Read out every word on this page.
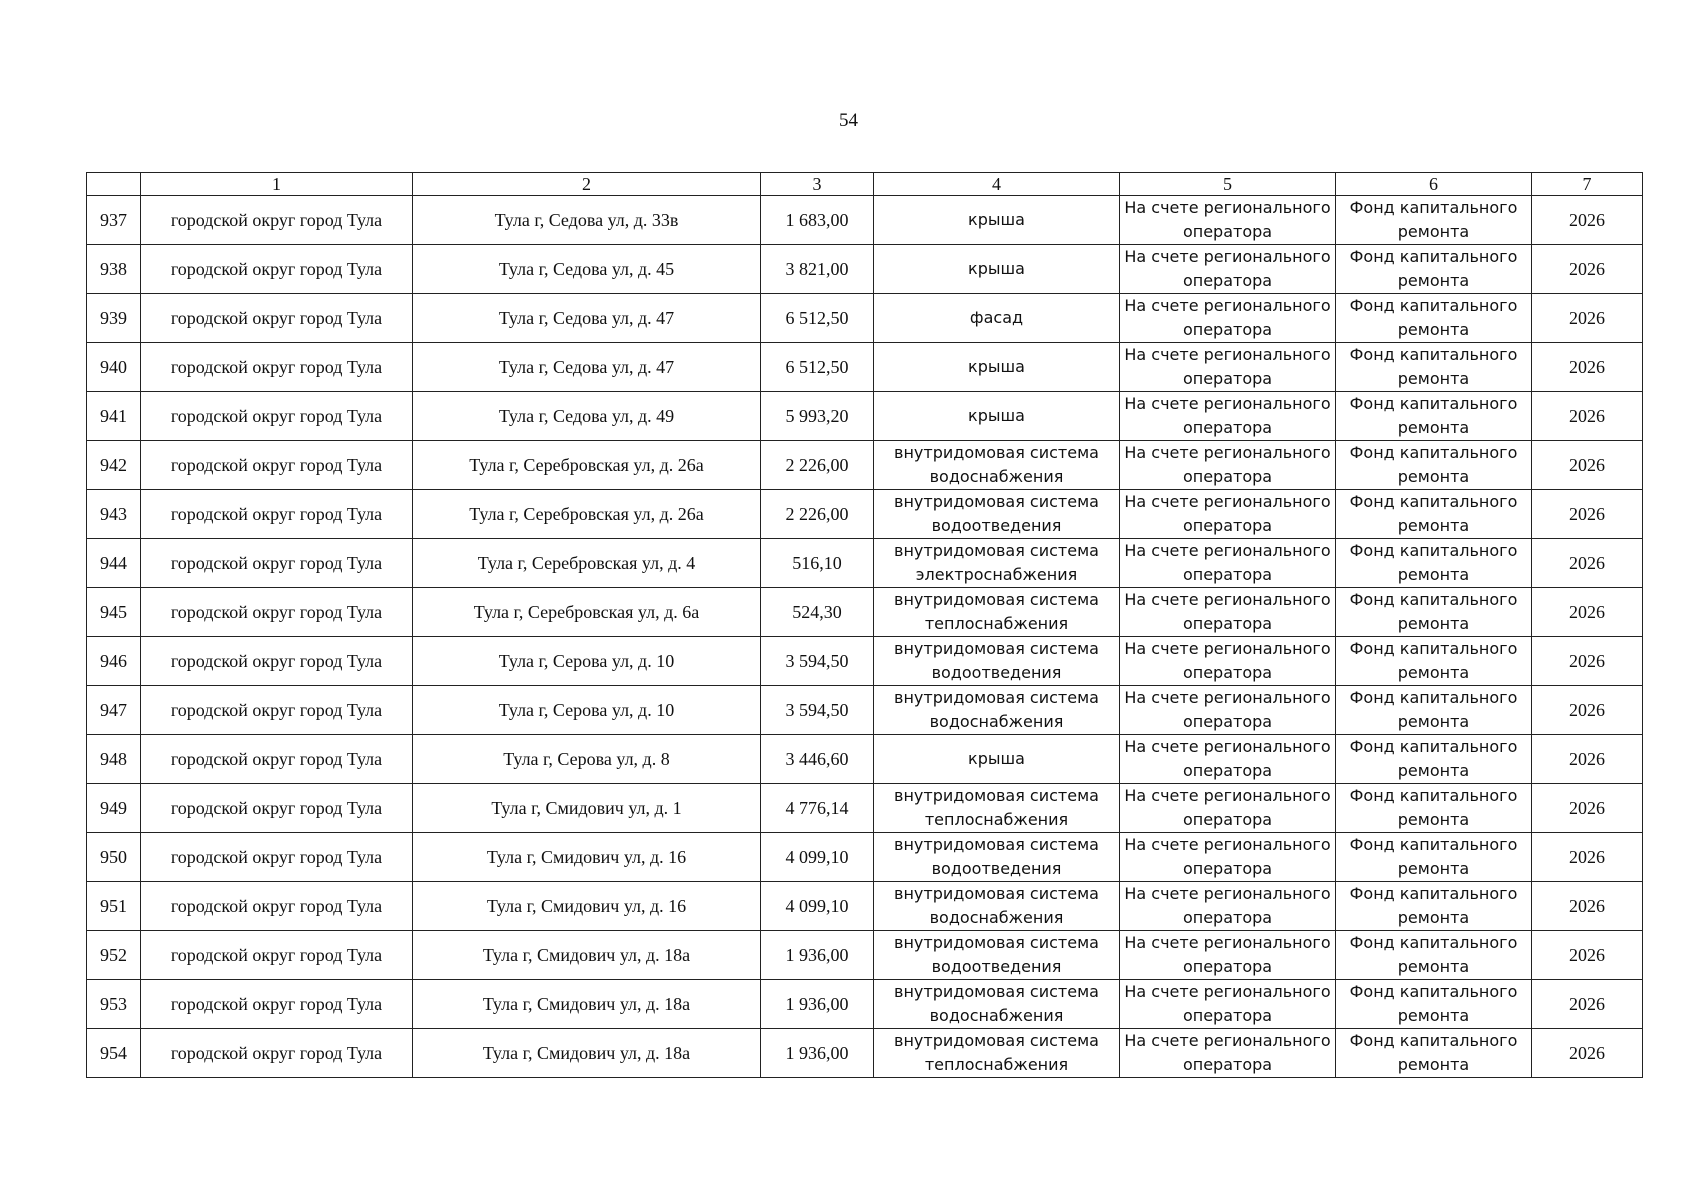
54
	1	2	3	4	5	6	7
937	городской округ город Тула	Тула г, Седова ул, д. 33в	1 683,00	крыша	На счете регионального оператора	Фонд капитального ремонта	2026
938	городской округ город Тула	Тула г, Седова ул, д. 45	3 821,00	крыша	На счете регионального оператора	Фонд капитального ремонта	2026
939	городской округ город Тула	Тула г, Седова ул, д. 47	6 512,50	фасад	На счете регионального оператора	Фонд капитального ремонта	2026
940	городской округ город Тула	Тула г, Седова ул, д. 47	6 512,50	крыша	На счете регионального оператора	Фонд капитального ремонта	2026
941	городской округ город Тула	Тула г, Седова ул, д. 49	5 993,20	крыша	На счете регионального оператора	Фонд капитального ремонта	2026
942	городской округ город Тула	Тула г, Серебровская ул, д. 26а	2 226,00	внутридомовая система водоснабжения	На счете регионального оператора	Фонд капитального ремонта	2026
943	городской округ город Тула	Тула г, Серебровская ул, д. 26а	2 226,00	внутридомовая система водоотведения	На счете регионального оператора	Фонд капитального ремонта	2026
944	городской округ город Тула	Тула г, Серебровская ул, д. 4	516,10	внутридомовая система электроснабжения	На счете регионального оператора	Фонд капитального ремонта	2026
945	городской округ город Тула	Тула г, Серебровская ул, д. 6а	524,30	внутридомовая система теплоснабжения	На счете регионального оператора	Фонд капитального ремонта	2026
946	городской округ город Тула	Тула г, Серова ул, д. 10	3 594,50	внутридомовая система водоотведения	На счете регионального оператора	Фонд капитального ремонта	2026
947	городской округ город Тула	Тула г, Серова ул, д. 10	3 594,50	внутридомовая система водоснабжения	На счете регионального оператора	Фонд капитального ремонта	2026
948	городской округ город Тула	Тула г, Серова ул, д. 8	3 446,60	крыша	На счете регионального оператора	Фонд капитального ремонта	2026
949	городской округ город Тула	Тула г, Смидович ул, д. 1	4 776,14	внутридомовая система теплоснабжения	На счете регионального оператора	Фонд капитального ремонта	2026
950	городской округ город Тула	Тула г, Смидович ул, д. 16	4 099,10	внутридомовая система водоотведения	На счете регионального оператора	Фонд капитального ремонта	2026
951	городской округ город Тула	Тула г, Смидович ул, д. 16	4 099,10	внутридомовая система водоснабжения	На счете регионального оператора	Фонд капитального ремонта	2026
952	городской округ город Тула	Тула г, Смидович ул, д. 18а	1 936,00	внутридомовая система водоотведения	На счете регионального оператора	Фонд капитального ремонта	2026
953	городской округ город Тула	Тула г, Смидович ул, д. 18а	1 936,00	внутридомовая система водоснабжения	На счете регионального оператора	Фонд капитального ремонта	2026
954	городской округ город Тула	Тула г, Смидович ул, д. 18а	1 936,00	внутридомовая система теплоснабжения	На счете регионального оператора	Фонд капитального ремонта	2026
